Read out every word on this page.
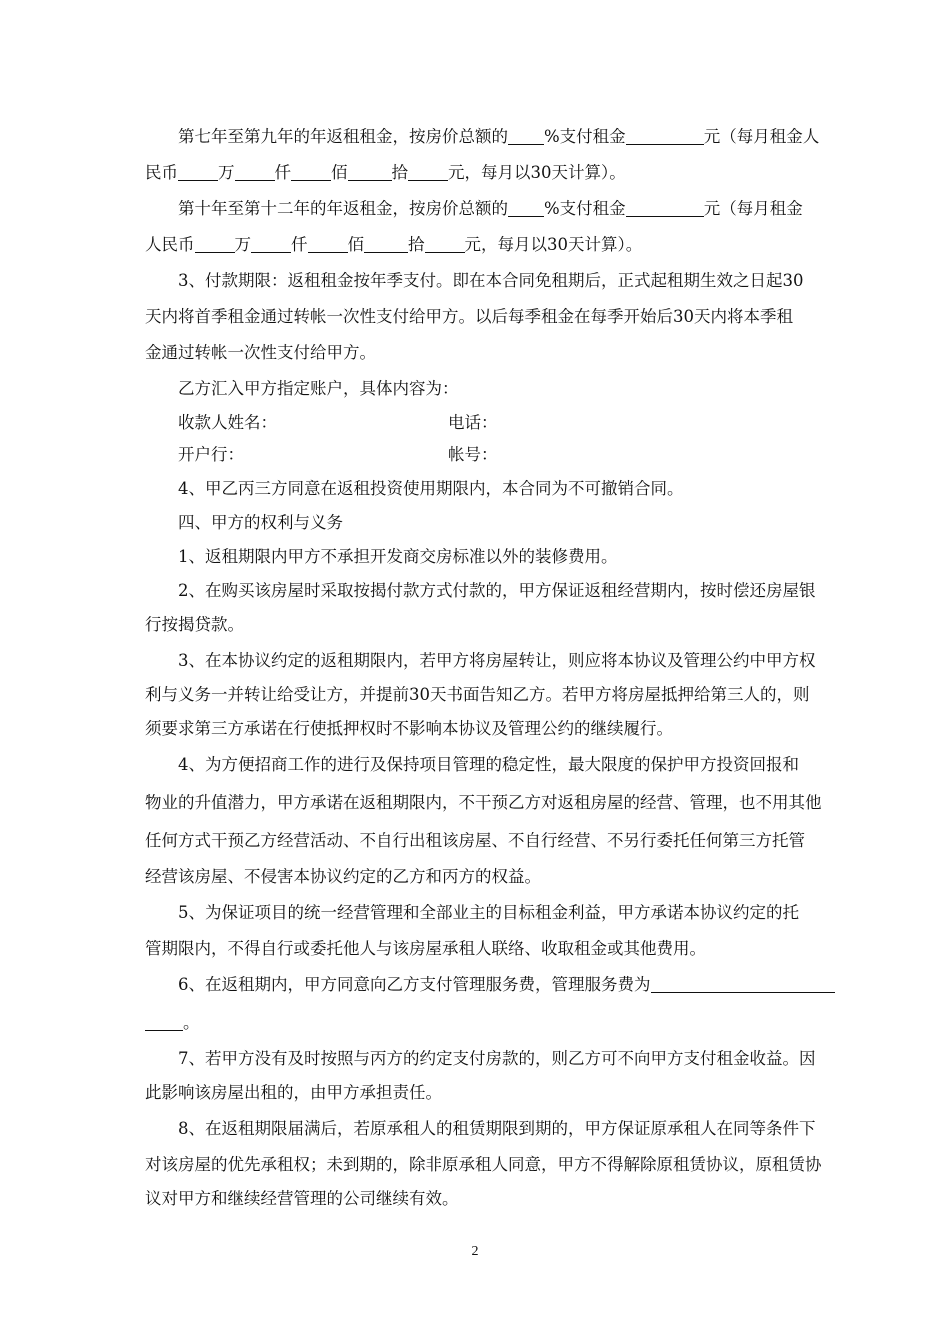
第七年至第九年的年返租租金，按房价总额的 %支付租金	元（每月租金人
民币 万 仟 佰	拾 元，每月以30天计算）。
第十年至第十二年的年返租金，按房价总额的 %支付租金	元（每月租金
人民币 万 仟 佰	拾 元，每月以30天计算）。
3、付款期限：返租租金按年季支付。即在本合同免租期后，正式起租期生效之日起30
天内将首季租金通过转帐一次性支付给甲方。以后每季租金在每季开始后30天内将本季租
金通过转帐一次性支付给甲方。
乙方汇入甲方指定账户，具体内容为：
收款人姓名：	电话：
开户行：	帐号：
4、甲乙丙三方同意在返租投资使用期限内，本合同为不可撤销合同。
四、甲方的权利与义务
1、返租期限内甲方不承担开发商交房标准以外的装修费用。
2、在购买该房屋时采取按揭付款方式付款的，甲方保证返租经营期内，按时偿还房屋银
行按揭贷款。
3、在本协议约定的返租期限内，若甲方将房屋转让，则应将本协议及管理公约中甲方权
利与义务一并转让给受让方，并提前30天书面告知乙方。若甲方将房屋抵押给第三人的，则
须要求第三方承诺在行使抵押权时不影响本协议及管理公约的继续履行。
4、为方便招商工作的进行及保持项目管理的稳定性，最大限度的保护甲方投资回报和
物业的升值潜力，甲方承诺在返租期限内，不干预乙方对返租房屋的经营、管理，也不用其他
任何方式干预乙方经营活动、不自行出租该房屋、不自行经营、不另行委托任何第三方托管
经营该房屋、不侵害本协议约定的乙方和丙方的权益。
5、为保证项目的统一经营管理和全部业主的目标租金利益，甲方承诺本协议约定的托
管期限内，不得自行或委托他人与该房屋承租人联络、收取租金或其他费用。
6、在返租期内，甲方同意向乙方支付管理服务费，管理服务费为
。
7、若甲方没有及时按照与丙方的约定支付房款的，则乙方可不向甲方支付租金收益。因
此影响该房屋出租的，由甲方承担责任。
8、在返租期限届满后，若原承租人的租赁期限到期的，甲方保证原承租人在同等条件下
对该房屋的优先承租权；未到期的，除非原承租人同意，甲方不得解除原租赁协议，原租赁协
议对甲方和继续经营管理的公司继续有效。
2
